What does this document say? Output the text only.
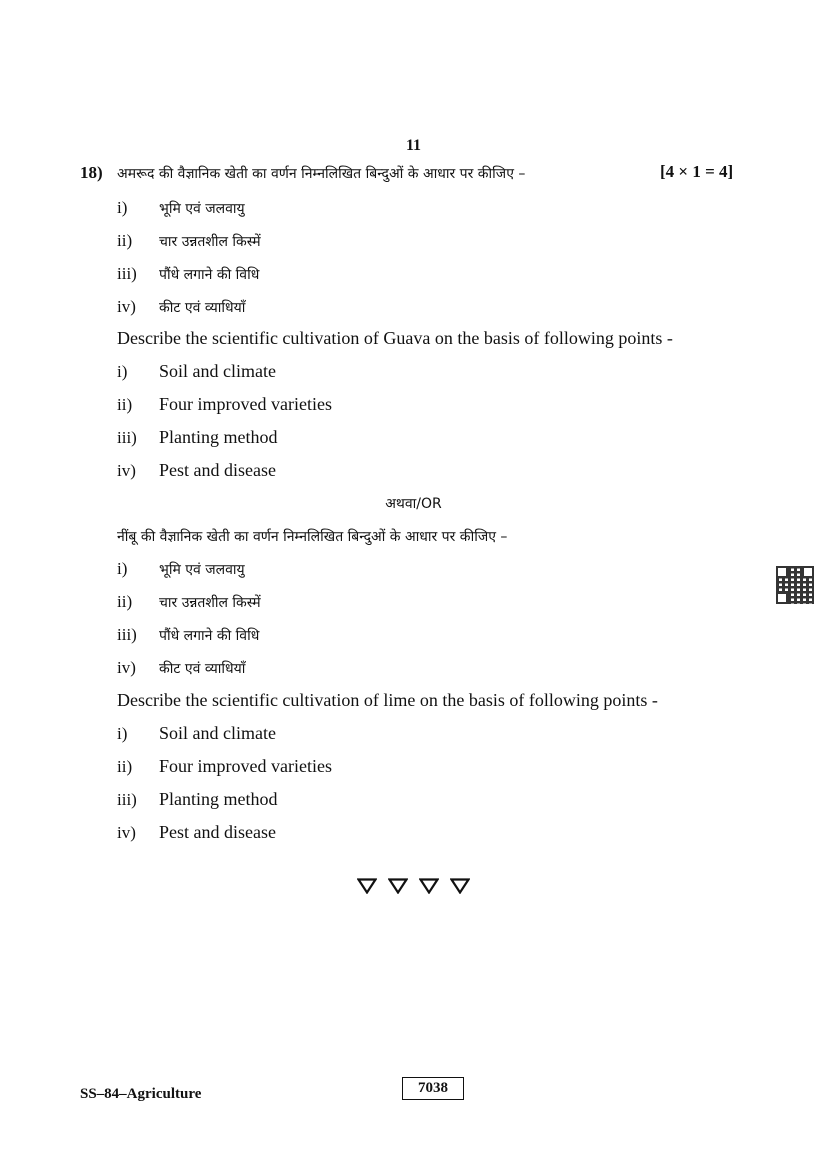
11
18) अमरूद की वैज्ञानिक खेती का वर्णन निम्नलिखित बिन्दुओं के आधार पर कीजिए –	[4 × 1 = 4]
i) भूमि एवं जलवायु
ii) चार उन्नतशील किस्में
iii) पौंधे लगाने की विधि
iv) कीट एवं व्याधियाँ
Describe the scientific cultivation of Guava on the basis of following points -
i) Soil and climate
ii) Four improved varieties
iii) Planting method
iv) Pest and disease
अथवा/OR
नींबू की वैज्ञानिक खेती का वर्णन निम्नलिखित बिन्दुओं के आधार पर कीजिए –
i) भूमि एवं जलवायु
ii) चार उन्नतशील किस्में
iii) पौंधे लगाने की विधि
iv) कीट एवं व्याधियाँ
Describe the scientific cultivation of lime on the basis of following points -
i) Soil and climate
ii) Four improved varieties
iii) Planting method
iv) Pest and disease

SS–84–Agriculture	7038
